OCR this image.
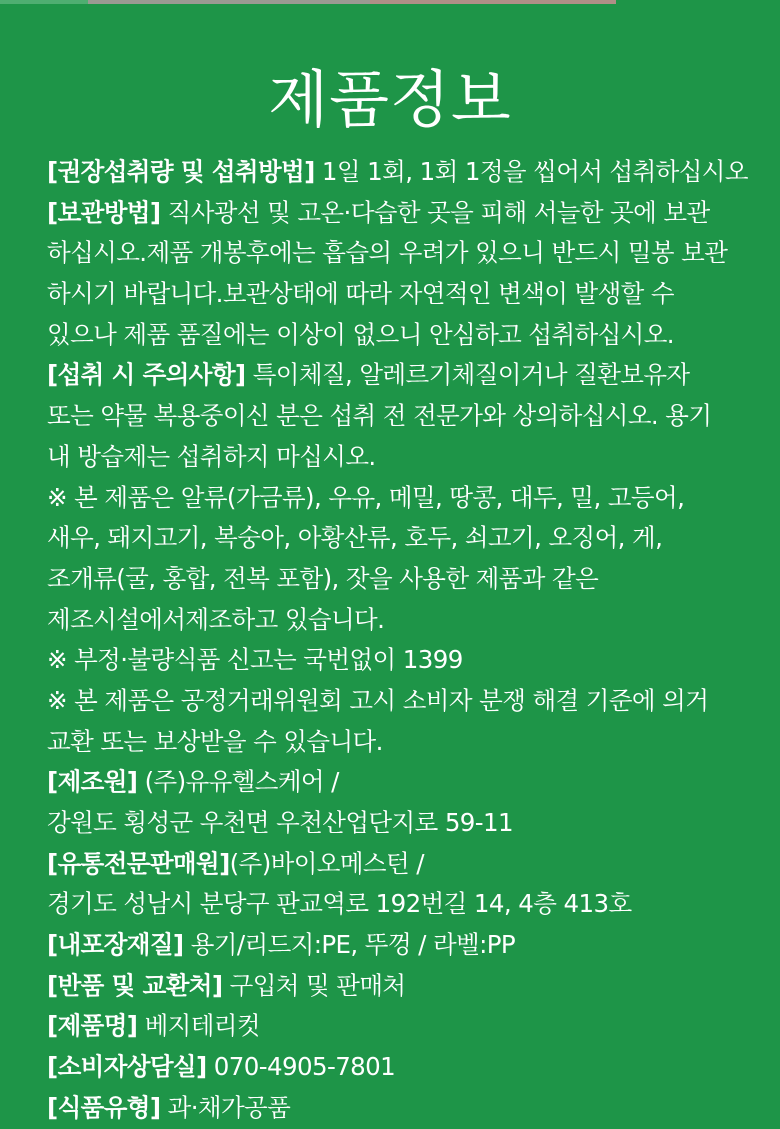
제품정보
[권장섭취량 및 섭취방법] 1일 1회, 1회 1정을 씹어서 섭취하십시오
[보관방법] 직사광선 및 고온·다습한 곳을 피해 서늘한 곳에 보관
하십시오.제품 개봉후에는 흡습의 우려가 있으니 반드시 밀봉 보관
하시기 바랍니다.보관상태에 따라 자연적인 변색이 발생할 수
있으나 제품 품질에는 이상이 없으니 안심하고 섭취하십시오.
[섭취 시 주의사항] 특이체질, 알레르기체질이거나 질환보유자
또는 약물 복용중이신 분은 섭취 전 전문가와 상의하십시오. 용기
내 방습제는 섭취하지 마십시오.
※ 본 제품은 알류(가금류), 우유, 메밀, 땅콩, 대두, 밀, 고등어,
새우, 돼지고기, 복숭아, 아황산류, 호두, 쇠고기, 오징어, 게,
조개류(굴, 홍합, 전복 포함), 잣을 사용한 제품과 같은
제조시설에서제조하고 있습니다.
※ 부정·불량식품 신고는 국번없이 1399
※ 본 제품은 공정거래위원회 고시 소비자 분쟁 해결 기준에 의거
교환 또는 보상받을 수 있습니다.
[제조원] (주)유유헬스케어 /
강원도 횡성군 우천면 우천산업단지로 59-11
[유통전문판매원](주)바이오메스턴 /
경기도 성남시 분당구 판교역로 192번길 14, 4층 413호
[내포장재질] 용기/리드지:PE, 뚜껑 / 라벨:PP
[반품 및 교환처] 구입처 및 판매처
[제품명] 베지테리컷
[소비자상담실] 070-4905-7801
[식품유형] 과·채가공품
